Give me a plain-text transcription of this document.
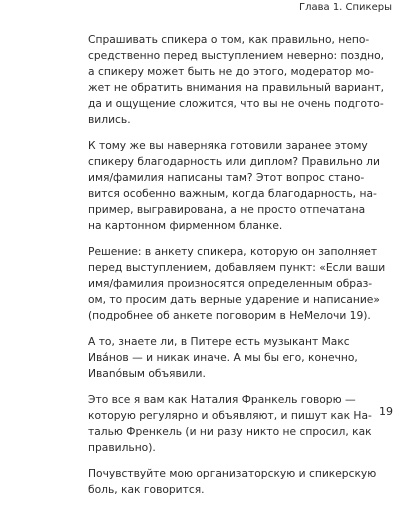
Глава 1. Спикеры

Спрашивать спикера о том, как правильно, непо-
средственно перед выступлением неверно: поздно,
а спикеру может быть не до этого, модератор мо-
жет не обратить внимания на правильный вариант,
да и ощущение сложится, что вы не очень подгото-
вились.

К тому же вы наверняка готовили заранее этому
спикеру благодарность или диплом? Правильно ли
имя/фамилия написаны там? Этот вопрос стано-
вится особенно важным, когда благодарность, на-
пример, выгравирована, а не просто отпечатана
на картонном фирменном бланке.

Решение: в анкету спикера, которую он заполняет
перед выступлением, добавляем пункт: «Если ваши
имя/фамилия произносятся определенным образ-
ом, то просим дать верные ударение и написание»
(подробнее об анкете поговорим в НеМелочи 19).

А то, знаете ли, в Питере есть музыкант Макс
Ива́нов — и никак иначе. А мы бы его, конечно,
Иваnóвым объявили.

Это все я вам как Наталия Франкель говорю —
которую регулярно и объявляют, и пишут как На-
талью Френкель (и ни разу никто не спросил, как
правильно).

Почувствуйте мою организаторскую и спикерскую
боль, как говорится.

19
